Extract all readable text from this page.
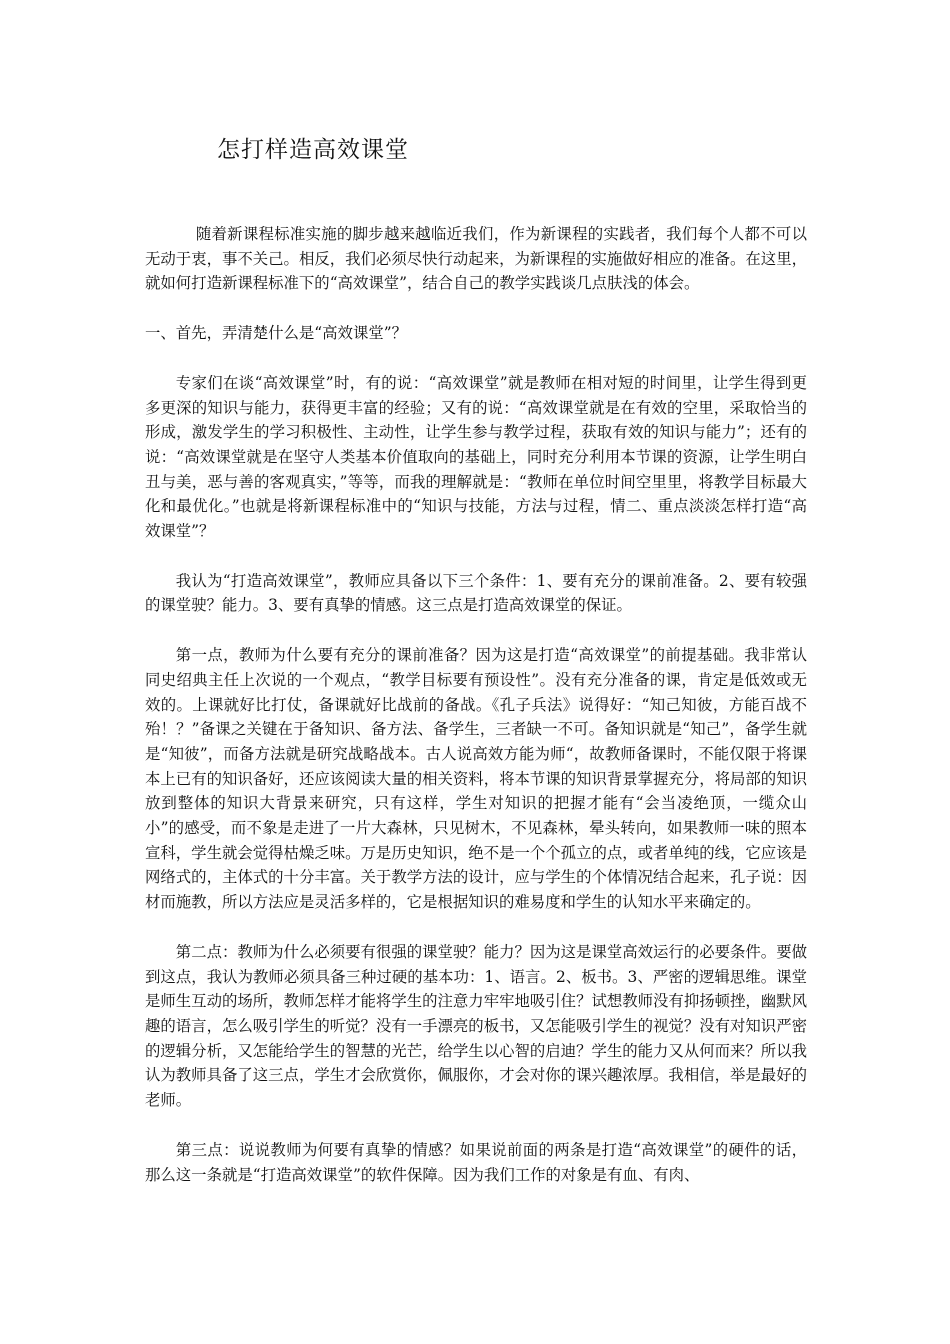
怎打样造高效课堂

随着新课程标准实施的脚步越来越临近我们，作为新课程的实践者，我们每个人都不可以无动于衷，事不关己。相反，我们必须尽快行动起来，为新课程的实施做好相应的准备。在这里，就如何打造新课程标准下的“高效课堂”，结合自己的教学实践谈几点肤浅的体会。

一、首先，弄清楚什么是“高效课堂”？

专家们在谈“高效课堂”时，有的说：“高效课堂”就是教师在相对短的时间里，让学生得到更多更深的知识与能力，获得更丰富的经验；又有的说：“高效课堂就是在有效的空里，采取恰当的形成，激发学生的学习积极性、主动性，让学生参与教学过程，获取有效的知识与能力”；还有的说：“高效课堂就是在坚守人类基本价值取向的基础上，同时充分利用本节课的资源，让学生明白丑与美，恶与善的客观真实，”等等，而我的理解就是：“教师在单位时间空里里，将教学目标最大化和最优化。”也就是将新课程标准中的“知识与技能，方法与过程，情二、重点淡淡怎样打造“高效课堂”？

我认为“打造高效课堂”，教师应具备以下三个条件：1、要有充分的课前准备。2、要有较强的课堂驶？能力。3、要有真挚的情感。这三点是打造高效课堂的保证。

第一点，教师为什么要有充分的课前准备？因为这是打造“高效课堂”的前提基础。我非常认同史绍典主任上次说的一个观点，“教学目标要有预设性”。没有充分准备的课，肯定是低效或无效的。上课就好比打仗，备课就好比战前的备战。《孔子兵法》说得好：“知己知彼，方能百战不殆！？”备课之关键在于备知识、备方法、备学生，三者缺一不可。备知识就是“知己”，备学生就是“知彼”，而备方法就是研究战略战本。古人说高效方能为师“，故教师备课时，不能仅限于将课本上已有的知识备好，还应该阅读大量的相关资料，将本节课的知识背景掌握充分，将局部的知识放到整体的知识大背景来研究，只有这样，学生对知识的把握才能有“会当凌绝顶，一缆众山小”的感受，而不象是走进了一片大森林，只见树木，不见森林，晕头转向，如果教师一味的照本宣科，学生就会觉得枯燥乏味。万是历史知识，绝不是一个个孤立的点，或者单纯的线，它应该是网络式的，主体式的十分丰富。关于教学方法的设计，应与学生的个体情况结合起来，孔子说：因材而施教，所以方法应是灵活多样的，它是根据知识的难易度和学生的认知水平来确定的。

第二点：教师为什么必须要有很强的课堂驶？能力？因为这是课堂高效运行的必要条件。要做到这点，我认为教师必须具备三种过硬的基本功：1、语言。2、板书。3、严密的逻辑思维。课堂是师生互动的场所，教师怎样才能将学生的注意力牢牢地吸引住？试想教师没有抑扬顿挫，幽默风趣的语言，怎么吸引学生的听觉？没有一手漂亮的板书，又怎能吸引学生的视觉？没有对知识严密的逻辑分析，又怎能给学生的智慧的光芒，给学生以心智的启迪？学生的能力又从何而来？所以我认为教师具备了这三点，学生才会欣赏你，佩服你，才会对你的课兴趣浓厚。我相信，举是最好的老师。

第三点：说说教师为何要有真挚的情感？如果说前面的两条是打造“高效课堂”的硬件的话，那么这一条就是“打造高效课堂”的软件保障。因为我们工作的对象是有血、有肉、
